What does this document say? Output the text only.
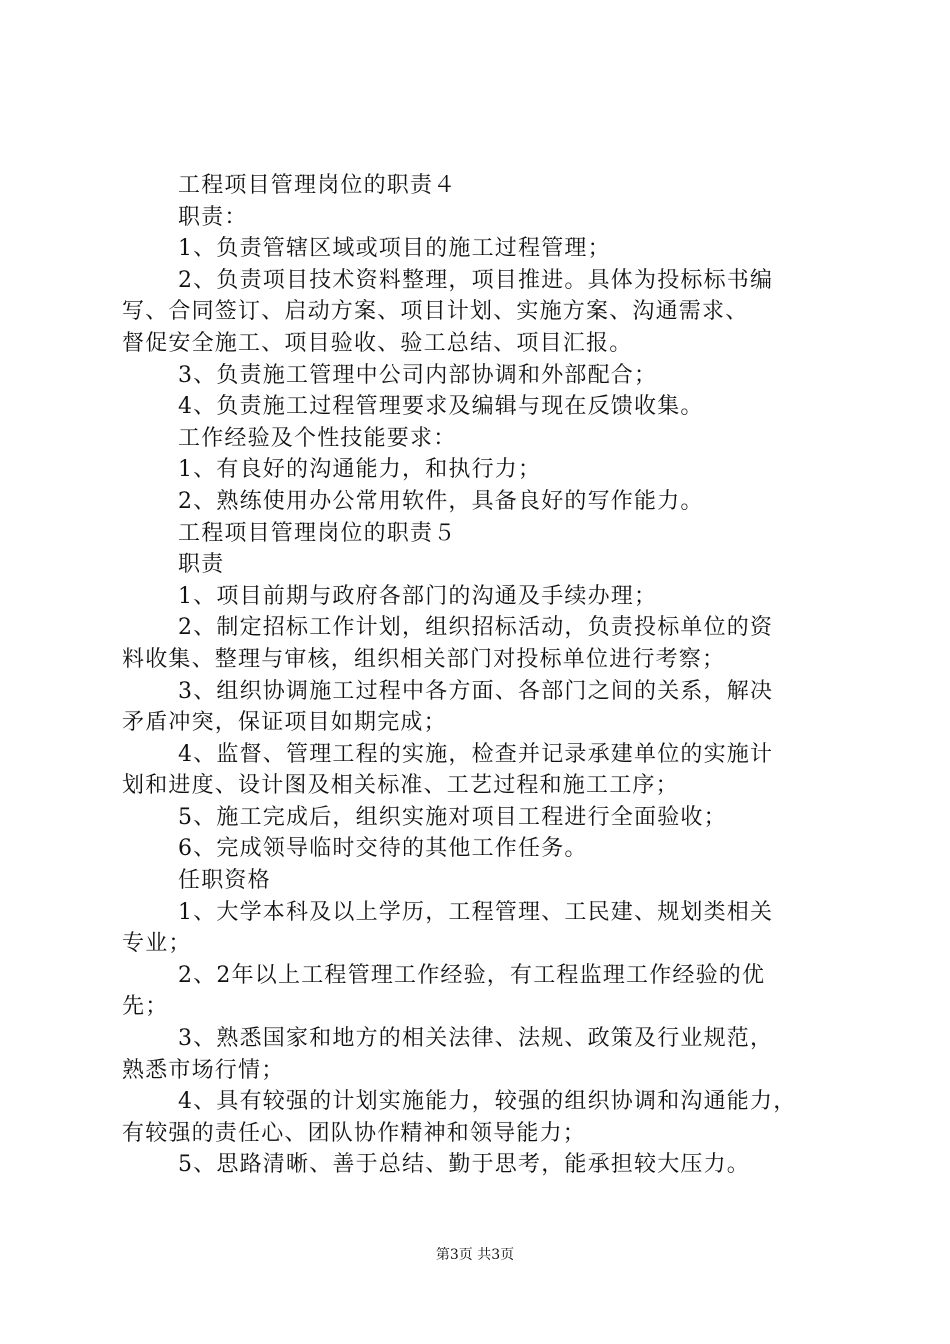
工程项目管理岗位的职责４
职责：
1、负责管辖区域或项目的施工过程管理；
2、负责项目技术资料整理，项目推进。具体为投标标书编
写、合同签订、启动方案、项目计划、实施方案、沟通需求、
督促安全施工、项目验收、验工总结、项目汇报。
3、负责施工管理中公司内部协调和外部配合；
4、负责施工过程管理要求及编辑与现在反馈收集。
工作经验及个性技能要求：
1、有良好的沟通能力，和执行力；
2、熟练使用办公常用软件，具备良好的写作能力。
工程项目管理岗位的职责５
职责
1、项目前期与政府各部门的沟通及手续办理；
2、制定招标工作计划，组织招标活动，负责投标单位的资
料收集、整理与审核，组织相关部门对投标单位进行考察；
3、组织协调施工过程中各方面、各部门之间的关系，解决
矛盾冲突，保证项目如期完成；
4、监督、管理工程的实施，检查并记录承建单位的实施计
划和进度、设计图及相关标准、工艺过程和施工工序；
5、施工完成后，组织实施对项目工程进行全面验收；
6、完成领导临时交待的其他工作任务。
任职资格
1、大学本科及以上学历，工程管理、工民建、规划类相关
专业；
2、2年以上工程管理工作经验，有工程监理工作经验的优
先；
3、熟悉国家和地方的相关法律、法规、政策及行业规范，
熟悉市场行情；
4、具有较强的计划实施能力，较强的组织协调和沟通能力，
有较强的责任心、团队协作精神和领导能力；
5、思路清晰、善于总结、勤于思考，能承担较大压力。
第3页 共3页
